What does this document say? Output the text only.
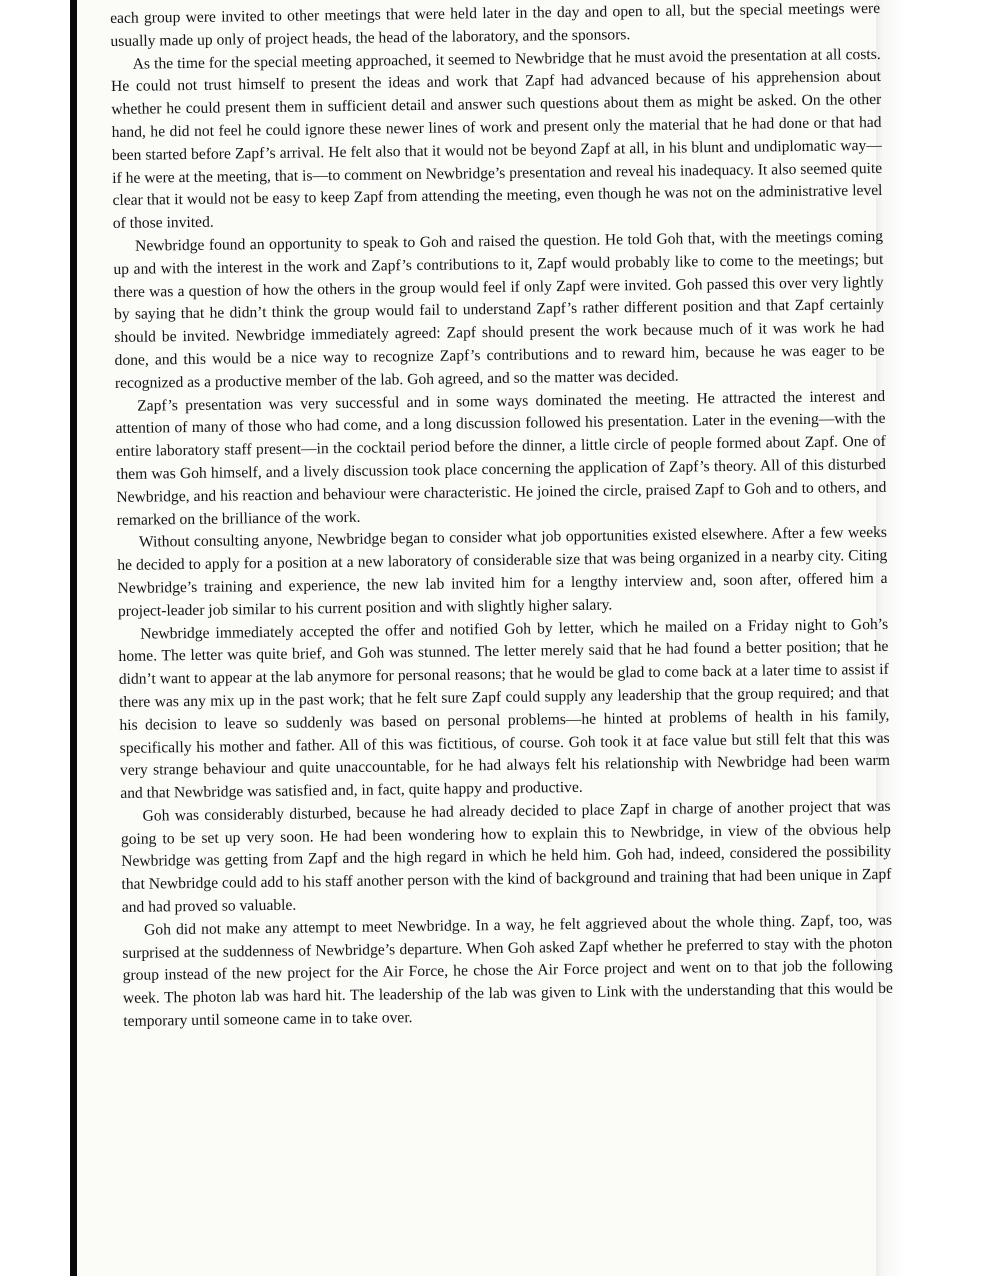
each group were invited to other meetings that were held later in the day and open to all, but the special meetings were usually made up only of project heads, the head of the laboratory, and the sponsors.

As the time for the special meeting approached, it seemed to Newbridge that he must avoid the presentation at all costs. He could not trust himself to present the ideas and work that Zapf had advanced because of his apprehension about whether he could present them in sufficient detail and answer such questions about them as might be asked. On the other hand, he did not feel he could ignore these newer lines of work and present only the material that he had done or that had been started before Zapf’s arrival. He felt also that it would not be beyond Zapf at all, in his blunt and undiplomatic way—if he were at the meeting, that is—to comment on Newbridge’s presentation and reveal his inadequacy. It also seemed quite clear that it would not be easy to keep Zapf from attending the meeting, even though he was not on the administrative level of those invited.

Newbridge found an opportunity to speak to Goh and raised the question. He told Goh that, with the meetings coming up and with the interest in the work and Zapf’s contributions to it, Zapf would probably like to come to the meetings; but there was a question of how the others in the group would feel if only Zapf were invited. Goh passed this over very lightly by saying that he didn’t think the group would fail to understand Zapf’s rather different position and that Zapf certainly should be invited. Newbridge immediately agreed: Zapf should present the work because much of it was work he had done, and this would be a nice way to recognize Zapf’s contributions and to reward him, because he was eager to be recognized as a productive member of the lab. Goh agreed, and so the matter was decided.

Zapf’s presentation was very successful and in some ways dominated the meeting. He attracted the interest and attention of many of those who had come, and a long discussion followed his presentation. Later in the evening—with the entire laboratory staff present—in the cocktail period before the dinner, a little circle of people formed about Zapf. One of them was Goh himself, and a lively discussion took place concerning the application of Zapf’s theory. All of this disturbed Newbridge, and his reaction and behaviour were characteristic. He joined the circle, praised Zapf to Goh and to others, and remarked on the brilliance of the work.

Without consulting anyone, Newbridge began to consider what job opportunities existed elsewhere. After a few weeks he decided to apply for a position at a new laboratory of considerable size that was being organized in a nearby city. Citing Newbridge’s training and experience, the new lab invited him for a lengthy interview and, soon after, offered him a project-leader job similar to his current position and with slightly higher salary.

Newbridge immediately accepted the offer and notified Goh by letter, which he mailed on a Friday night to Goh’s home. The letter was quite brief, and Goh was stunned. The letter merely said that he had found a better position; that he didn’t want to appear at the lab anymore for personal reasons; that he would be glad to come back at a later time to assist if there was any mix up in the past work; that he felt sure Zapf could supply any leadership that the group required; and that his decision to leave so suddenly was based on personal problems—he hinted at problems of health in his family, specifically his mother and father. All of this was fictitious, of course. Goh took it at face value but still felt that this was very strange behaviour and quite unaccountable, for he had always felt his relationship with Newbridge had been warm and that Newbridge was satisfied and, in fact, quite happy and productive.

Goh was considerably disturbed, because he had already decided to place Zapf in charge of another project that was going to be set up very soon. He had been wondering how to explain this to Newbridge, in view of the obvious help Newbridge was getting from Zapf and the high regard in which he held him. Goh had, indeed, considered the possibility that Newbridge could add to his staff another person with the kind of background and training that had been unique in Zapf and had proved so valuable.

Goh did not make any attempt to meet Newbridge. In a way, he felt aggrieved about the whole thing. Zapf, too, was surprised at the suddenness of Newbridge’s departure. When Goh asked Zapf whether he preferred to stay with the photon group instead of the new project for the Air Force, he chose the Air Force project and went on to that job the following week. The photon lab was hard hit. The leadership of the lab was given to Link with the understanding that this would be temporary until someone came in to take over.
